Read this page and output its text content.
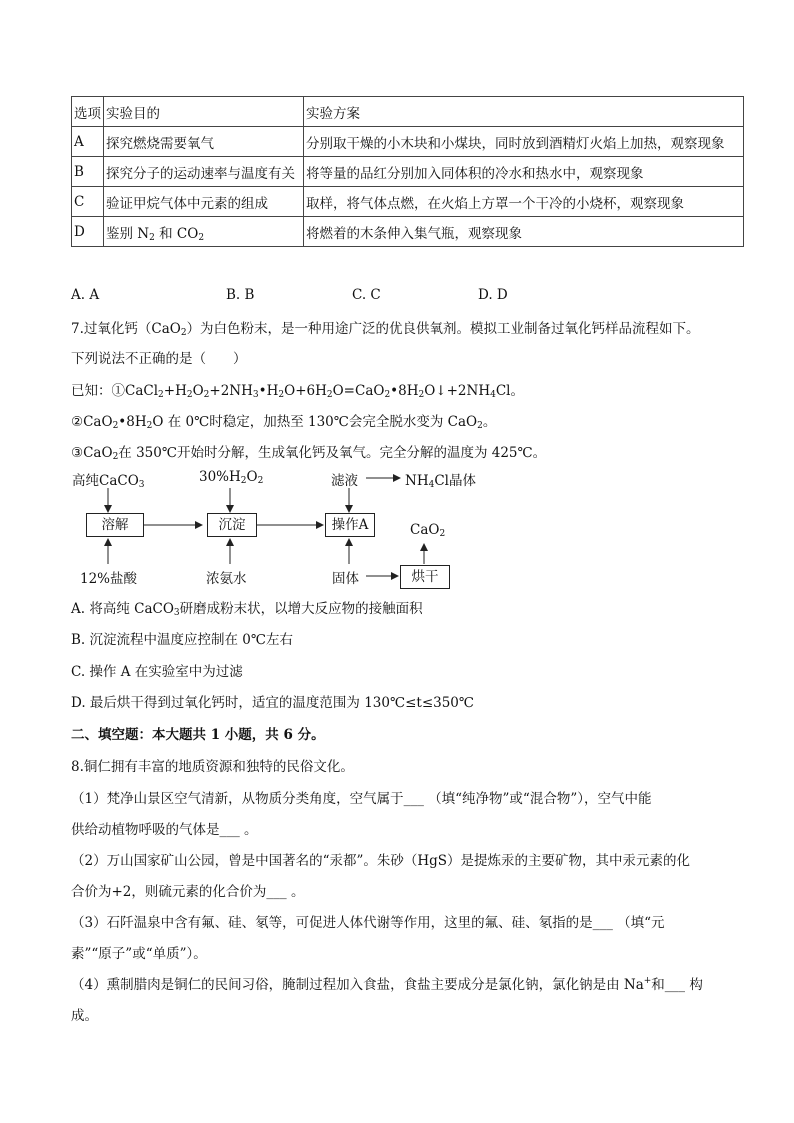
选项	实验目的	实验方案
A	探究燃烧需要氧气	分别取干燥的小木块和小煤块，同时放到酒精灯火焰上加热，观察现象
B	探究分子的运动速率与温度有关	将等量的品红分别加入同体积的冷水和热水中，观察现象
C	验证甲烷气体中元素的组成	取样，将气体点燃，在火焰上方罩一个干冷的小烧杯，观察现象
D	鉴别 $N_2$ 和 $CO_2$	将燃着的木条伸入集气瓶，观察现象
A. A	B. B	C. C	D. D
7.过氧化钙（CaO$_2$）为白色粉末，是一种用途广泛的优良供氧剂。模拟工业制备过氧化钙样品流程如下。
下列说法不正确的是（　　）
已知：$①CaCl_2+H_2O_2+2NH_3•H_2O+6H_2O=CaO_2•8H_2O↓+2NH_4Cl$。
$②CaO_2•8H_2O$ 在 0℃时稳定，加热至 130℃会完全脱水变为 CaO$_2$。
③CaO$_2$在 350℃开始时分解，生成氧化钙及氧气。完全分解的温度为 425℃。
高纯CaCO$_3$	$30\%H_2O_2$	滤液	$NH_4Cl$晶体
溶解	沉淀	操作A	CaO$_2$
烘干
12%盐酸	浓氨水	固体
A. 将高纯 CaCO$_3$研磨成粉末状，以增大反应物的接触面积
B. 沉淀流程中温度应控制在 0℃左右
C. 操作 A 在实验室中为过滤
D. 最后烘干得到过氧化钙时，适宜的温度范围为 130℃≤t≤350℃
二、填空题：本大题共 1 小题，共 6 分。
8.铜仁拥有丰富的地质资源和独特的民俗文化。
（1）梵净山景区空气清新，从物质分类角度，空气属于___ （填“纯净物”或“混合物”），空气中能
供给动植物呼吸的气体是___ 。
（2）万山国家矿山公园，曾是中国著名的“汞都”。朱砂（HgS）是提炼汞的主要矿物，其中汞元素的化
合价为+2，则硫元素的化合价为___ 。
（3）石阡温泉中含有氟、硅、氡等，可促进人体代谢等作用，这里的氟、硅、氡指的是___ （填“元
素”“原子”或“单质”）。
（4）熏制腊肉是铜仁的民间习俗，腌制过程加入食盐，食盐主要成分是氯化钠，氯化钠是由 Na+和___ 构
成。
